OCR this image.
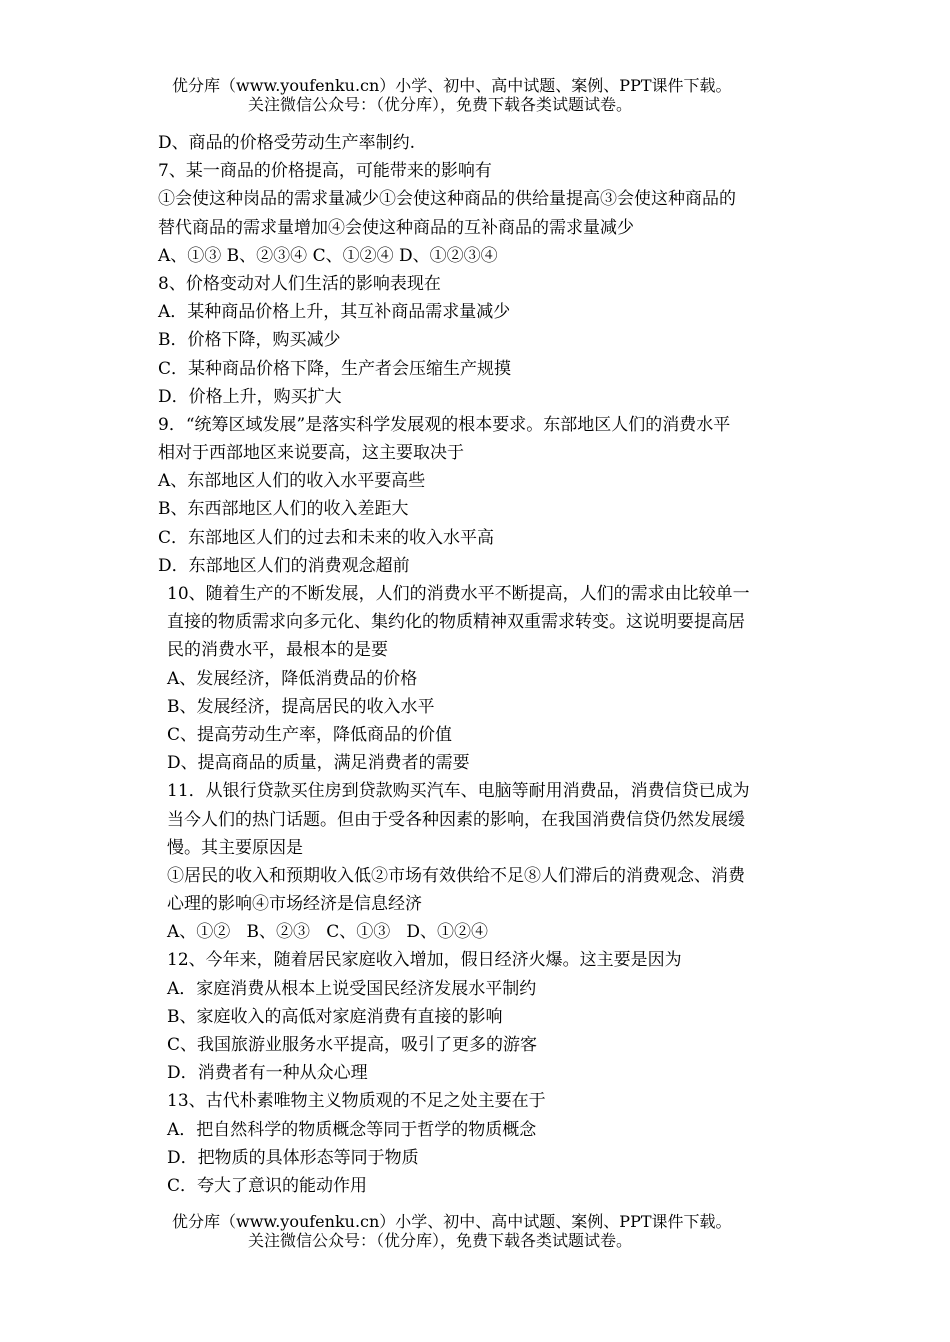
优分库（www.youfenku.cn）小学、初中、高中试题、案例、PPT课件下载。
关注微信公众号：（优分库），免费下载各类试题试卷。
D、商品的价格受劳动生产率制约.
7、某一商品的价格提高，可能带来的影响有
①会使这种岗品的需求量减少①会使这种商品的供给量提高③会使这种商品的
替代商品的需求量增加④会使这种商品的互补商品的需求量减少
A、①③ B、②③④ C、①②④ D、①②③④
8、价格变动对人们生活的影响表现在
A．某种商品价格上升，其互补商品需求量减少
B．价格下降，购买减少
C．某种商品价格下降，生产者会压缩生产规摸
D．价格上升，购买扩大
9．“统筹区域发展”是落实科学发展观的根本要求。东部地区人们的消费水平
相对于西部地区来说要高，这主要取决于
A、东部地区人们的收入水平要高些
B、东西部地区人们的收入差距大
C．东部地区人们的过去和未来的收入水平高
D．东部地区人们的消费观念超前
10、随着生产的不断发展，人们的消费水平不断提高，人们的需求由比较单一
直接的物质需求向多元化、集约化的物质精神双重需求转变。这说明要提高居
民的消费水平，最根本的是要
A、发展经济，降低消费品的价格
B、发展经济，提高居民的收入水平
C、提高劳动生产率，降低商品的价值
D、提高商品的质量，满足消费者的需要
11．从银行贷款买住房到贷款购买汽车、电脑等耐用消费品，消费信贷已成为
当今人们的热门话题。但由于受各种因素的影响，在我国消费信贷仍然发展缓
慢。其主要原因是
①居民的收入和预期收入低②市场有效供给不足⑧人们滞后的消费观念、消费
心理的影响④市场经济是信息经济
A、①②   B、②③   C、①③   D、①②④
12、今年来，随着居民家庭收入增加，假日经济火爆。这主要是因为
A．家庭消费从根本上说受国民经济发展水平制约
B、家庭收入的高低对家庭消费有直接的影响
C、我国旅游业服务水平提高，吸引了更多的游客
D．消费者有一种从众心理
13、古代朴素唯物主义物质观的不足之处主要在于
A．把自然科学的物质概念等同于哲学的物质概念
D．把物质的具体形态等同于物质
C．夸大了意识的能动作用
优分库（www.youfenku.cn）小学、初中、高中试题、案例、PPT课件下载。
关注微信公众号：（优分库），免费下载各类试题试卷。
